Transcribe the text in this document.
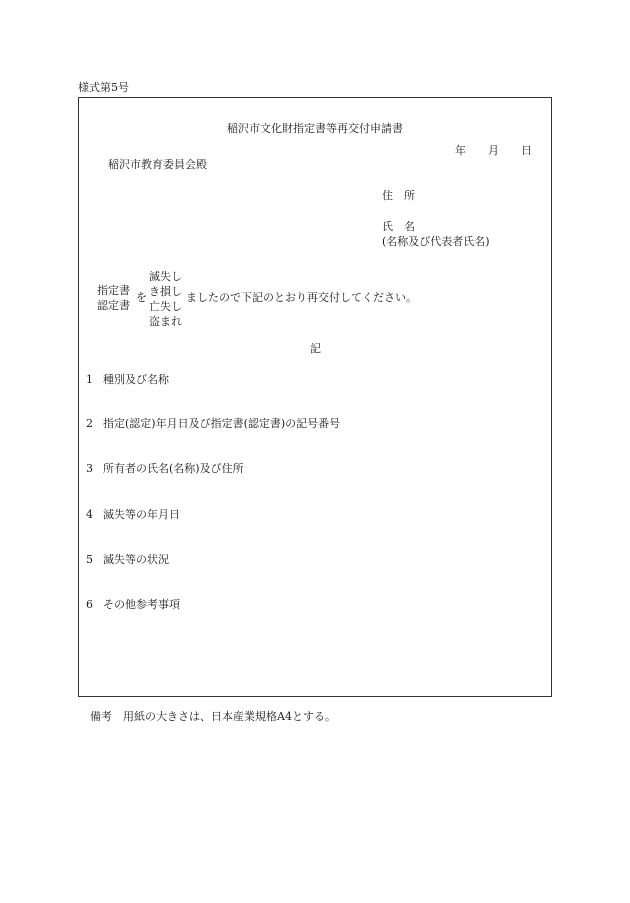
様式第5号
稲沢市文化財指定書等再交付申請書
年 月 日
稲沢市教育委員会殿
住　所
氏　名
(名称及び代表者氏名)
指定書
認定書
を
滅失し
き損し
亡失し
盗まれ
ましたので下記のとおり再交付してください。
記
1 種別及び名称
2 指定(認定)年月日及び指定書(認定書)の記号番号
3 所有者の氏名(名称)及び住所
4 滅失等の年月日
5 滅失等の状況
6 その他参考事項
備考　用紙の大きさは、日本産業規格A4とする。
